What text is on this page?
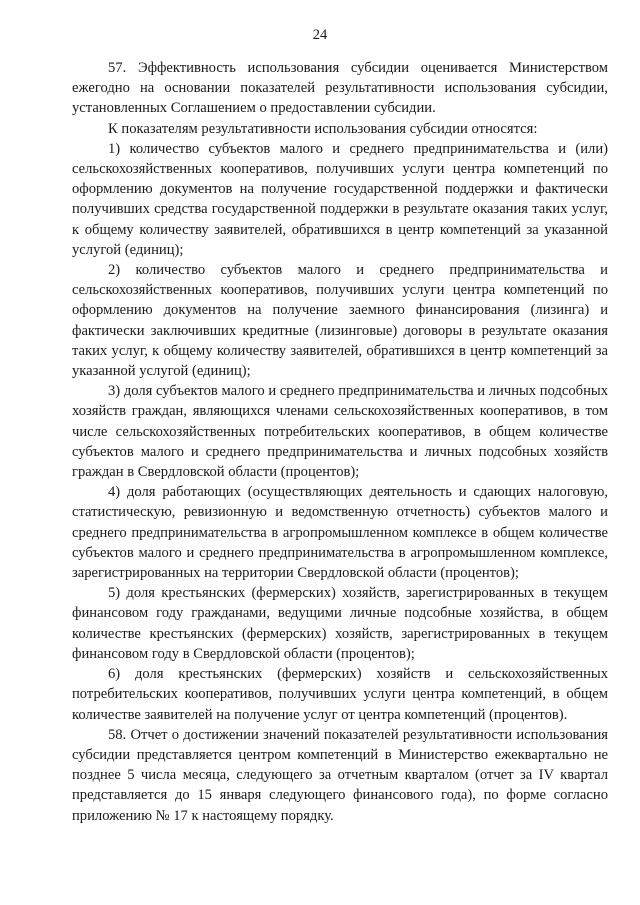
24

57. Эффективность использования субсидии оценивается Министерством ежегодно на основании показателей результативности использования субсидии, установленных Соглашением о предоставлении субсидии.

К показателям результативности использования субсидии относятся:

1) количество субъектов малого и среднего предпринимательства и (или) сельскохозяйственных кооперативов, получивших услуги центра компетенций по оформлению документов на получение государственной поддержки и фактически получивших средства государственной поддержки в результате оказания таких услуг, к общему количеству заявителей, обратившихся в центр компетенций за указанной услугой (единиц);

2) количество субъектов малого и среднего предпринимательства и сельскохозяйственных кооперативов, получивших услуги центра компетенций по оформлению документов на получение заемного финансирования (лизинга) и фактически заключивших кредитные (лизинговые) договоры в результате оказания таких услуг, к общему количеству заявителей, обратившихся в центр компетенций за указанной услугой (единиц);

3) доля субъектов малого и среднего предпринимательства и личных подсобных хозяйств граждан, являющихся членами сельскохозяйственных кооперативов, в том числе сельскохозяйственных потребительских кооперативов, в общем количестве субъектов малого и среднего предпринимательства и личных подсобных хозяйств граждан в Свердловской области (процентов);

4) доля работающих (осуществляющих деятельность и сдающих налоговую, статистическую, ревизионную и ведомственную отчетность) субъектов малого и среднего предпринимательства в агропромышленном комплексе в общем количестве субъектов малого и среднего предпринимательства в агропромышленном комплексе, зарегистрированных на территории Свердловской области (процентов);

5) доля крестьянских (фермерских) хозяйств, зарегистрированных в текущем финансовом году гражданами, ведущими личные подсобные хозяйства, в общем количестве крестьянских (фермерских) хозяйств, зарегистрированных в текущем финансовом году в Свердловской области (процентов);

6) доля крестьянских (фермерских) хозяйств и сельскохозяйственных потребительских кооперативов, получивших услуги центра компетенций, в общем количестве заявителей на получение услуг от центра компетенций (процентов).

58. Отчет о достижении значений показателей результативности использования субсидии представляется центром компетенций в Министерство ежеквартально не позднее 5 числа месяца, следующего за отчетным кварталом (отчет за IV квартал представляется до 15 января следующего финансового года), по форме согласно приложению № 17 к настоящему порядку.
